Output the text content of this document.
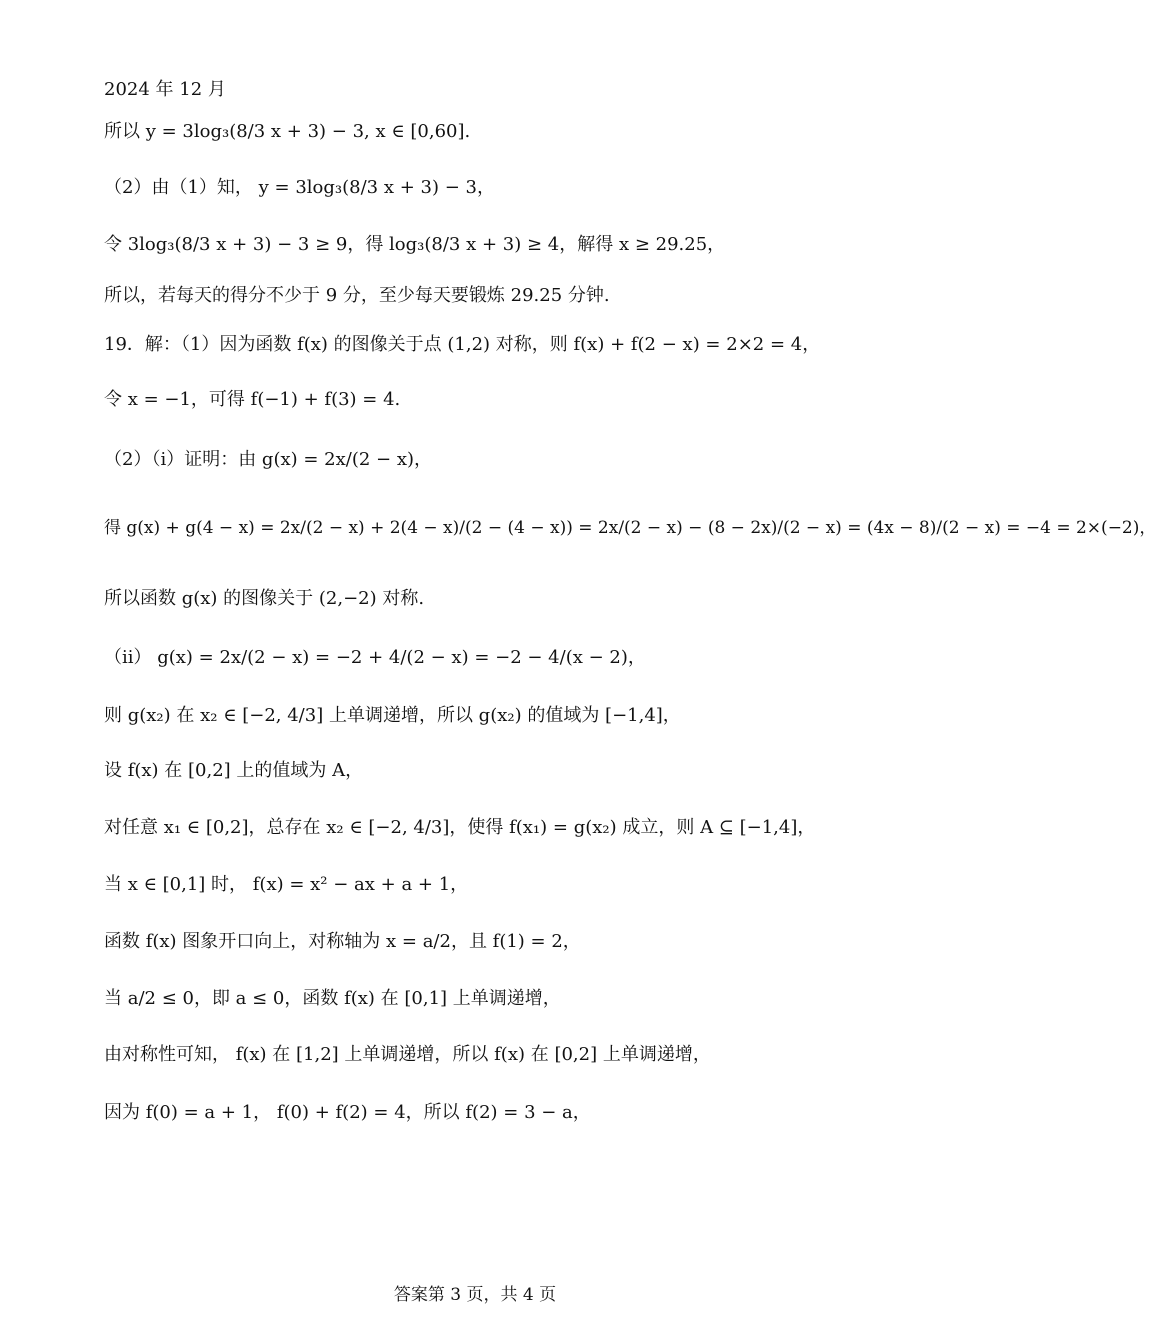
2024 年 12 月
所以 y = 3log₃(8/3 x + 3) − 3, x ∈ [0,60].
（2）由（1）知， y = 3log₃(8/3 x + 3) − 3，
令 3log₃(8/3 x + 3) − 3 ≥ 9，得 log₃(8/3 x + 3) ≥ 4，解得 x ≥ 29.25，
所以，若每天的得分不少于 9 分，至少每天要锻炼 29.25 分钟.
19．解：（1）因为函数 f(x) 的图像关于点 (1,2) 对称，则 f(x) + f(2 − x) = 2×2 = 4，
令 x = −1，可得 f(−1) + f(3) = 4.
（2）（i）证明：由 g(x) = 2x/(2 − x)，
得 g(x) + g(4 − x) = 2x/(2 − x) + 2(4 − x)/(2 − (4 − x)) = 2x/(2 − x) − (8 − 2x)/(2 − x) = (4x − 8)/(2 − x) = −4 = 2×(−2)，
所以函数 g(x) 的图像关于 (2,−2) 对称.
（ii） g(x) = 2x/(2 − x) = −2 + 4/(2 − x) = −2 − 4/(x − 2)，
则 g(x₂) 在 x₂ ∈ [−2, 4/3] 上单调递增，所以 g(x₂) 的值域为 [−1,4]，
设 f(x) 在 [0,2] 上的值域为 A，
对任意 x₁ ∈ [0,2]，总存在 x₂ ∈ [−2, 4/3]，使得 f(x₁) = g(x₂) 成立，则 A ⊆ [−1,4]，
当 x ∈ [0,1] 时， f(x) = x² − ax + a + 1，
函数 f(x) 图象开口向上，对称轴为 x = a/2，且 f(1) = 2，
当 a/2 ≤ 0，即 a ≤ 0，函数 f(x) 在 [0,1] 上单调递增，
由对称性可知， f(x) 在 [1,2] 上单调递增，所以 f(x) 在 [0,2] 上单调递增，
因为 f(0) = a + 1， f(0) + f(2) = 4，所以 f(2) = 3 − a，
答案第 3 页，共 4 页
